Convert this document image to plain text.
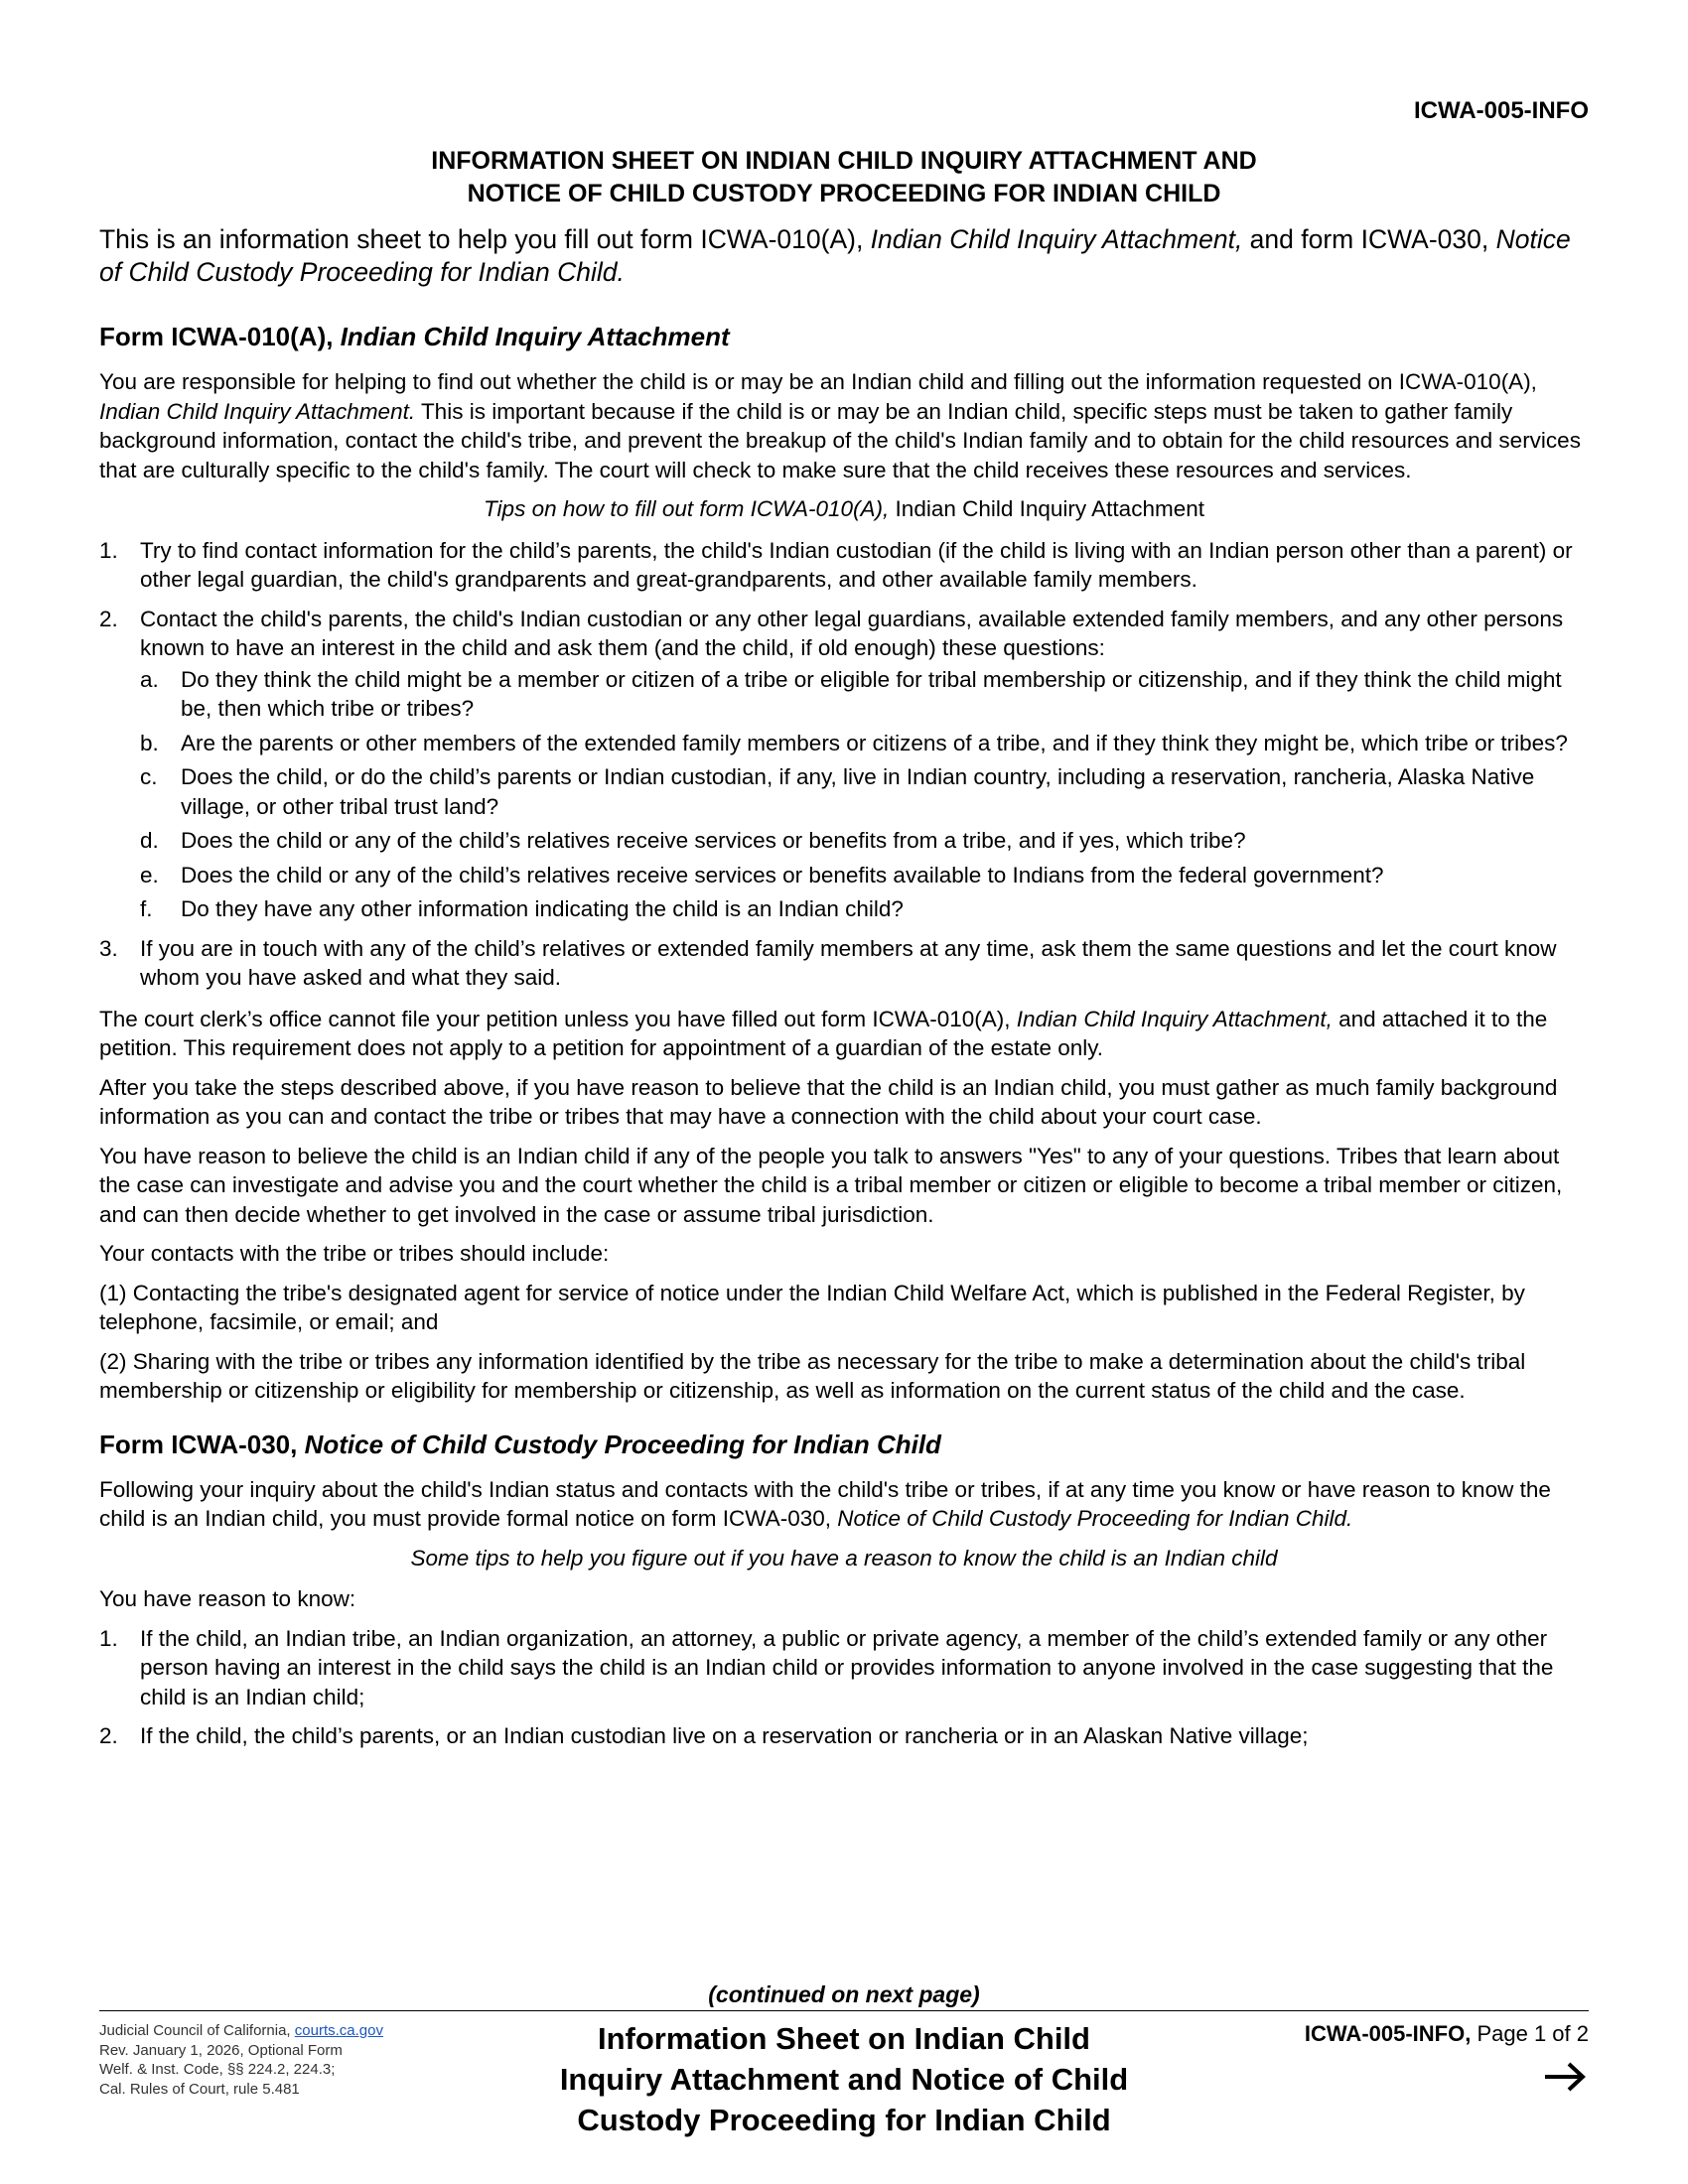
ICWA-005-INFO
INFORMATION SHEET ON INDIAN CHILD INQUIRY ATTACHMENT AND
NOTICE OF CHILD CUSTODY PROCEEDING FOR INDIAN CHILD
This is an information sheet to help you fill out form ICWA-010(A), Indian Child Inquiry Attachment, and form ICWA-030, Notice of Child Custody Proceeding for Indian Child.
Form ICWA-010(A), Indian Child Inquiry Attachment

You are responsible for helping to find out whether the child is or may be an Indian child and filling out the information requested on ICWA-010(A), Indian Child Inquiry Attachment. This is important because if the child is or may be an Indian child, specific steps must be taken to gather family background information, contact the child's tribe, and prevent the breakup of the child's Indian family and to obtain for the child resources and services that are culturally specific to the child's family. The court will check to make sure that the child receives these resources and services.

Tips on how to fill out form ICWA-010(A), Indian Child Inquiry Attachment
1. Try to find contact information for the child’s parents, the child's Indian custodian (if the child is living with an Indian person other than a parent) or other legal guardian, the child's grandparents and great-grandparents, and other available family members.
2. Contact the child's parents, the child's Indian custodian or any other legal guardians, available extended family members, and any other persons known to have an interest in the child and ask them (and the child, if old enough) these questions:
a. Do they think the child might be a member or citizen of a tribe or eligible for tribal membership or citizenship, and if they think the child might be, then which tribe or tribes?
b. Are the parents or other members of the extended family members or citizens of a tribe, and if they think they might be, which tribe or tribes?
c. Does the child, or do the child’s parents or Indian custodian, if any, live in Indian country, including a reservation, rancheria, Alaska Native village, or other tribal trust land?
d. Does the child or any of the child’s relatives receive services or benefits from a tribe, and if yes, which tribe?
e. Does the child or any of the child’s relatives receive services or benefits available to Indians from the federal government?
f. Do they have any other information indicating the child is an Indian child?
3. If you are in touch with any of the child’s relatives or extended family members at any time, ask them the same questions and let the court know whom you have asked and what they said.

The court clerk’s office cannot file your petition unless you have filled out form ICWA-010(A), Indian Child Inquiry Attachment, and attached it to the petition. This requirement does not apply to a petition for appointment of a guardian of the estate only.

After you take the steps described above, if you have reason to believe that the child is an Indian child, you must gather as much family background information as you can and contact the tribe or tribes that may have a connection with the child about your court case.

You have reason to believe the child is an Indian child if any of the people you talk to answers "Yes" to any of your questions. Tribes that learn about the case can investigate and advise you and the court whether the child is a tribal member or citizen or eligible to become a tribal member or citizen, and can then decide whether to get involved in the case or assume tribal jurisdiction.

Your contacts with the tribe or tribes should include:

(1) Contacting the tribe's designated agent for service of notice under the Indian Child Welfare Act, which is published in the Federal Register, by telephone, facsimile, or email; and

(2) Sharing with the tribe or tribes any information identified by the tribe as necessary for the tribe to make a determination about the child's tribal membership or citizenship or eligibility for membership or citizenship, as well as information on the current status of the child and the case.

Form ICWA-030, Notice of Child Custody Proceeding for Indian Child

Following your inquiry about the child's Indian status and contacts with the child's tribe or tribes, if at any time you know or have reason to know the child is an Indian child, you must provide formal notice on form ICWA-030, Notice of Child Custody Proceeding for Indian Child.

Some tips to help you figure out if you have a reason to know the child is an Indian child

You have reason to know:

1. If the child, an Indian tribe, an Indian organization, an attorney, a public or private agency, a member of the child’s extended family or any other person having an interest in the child says the child is an Indian child or provides information to anyone involved in the case suggesting that the child is an Indian child;
2. If the child, the child’s parents, or an Indian custodian live on a reservation or rancheria or in an Alaskan Native village;
(continued on next page)
Judicial Council of California, courts.ca.gov
Rev. January 1, 2026, Optional Form
Welf. & Inst. Code, §§ 224.2, 224.3;
Cal. Rules of Court, rule 5.481
Information Sheet on Indian Child
Inquiry Attachment and Notice of Child
Custody Proceeding for Indian Child
ICWA-005-INFO, Page 1 of 2
